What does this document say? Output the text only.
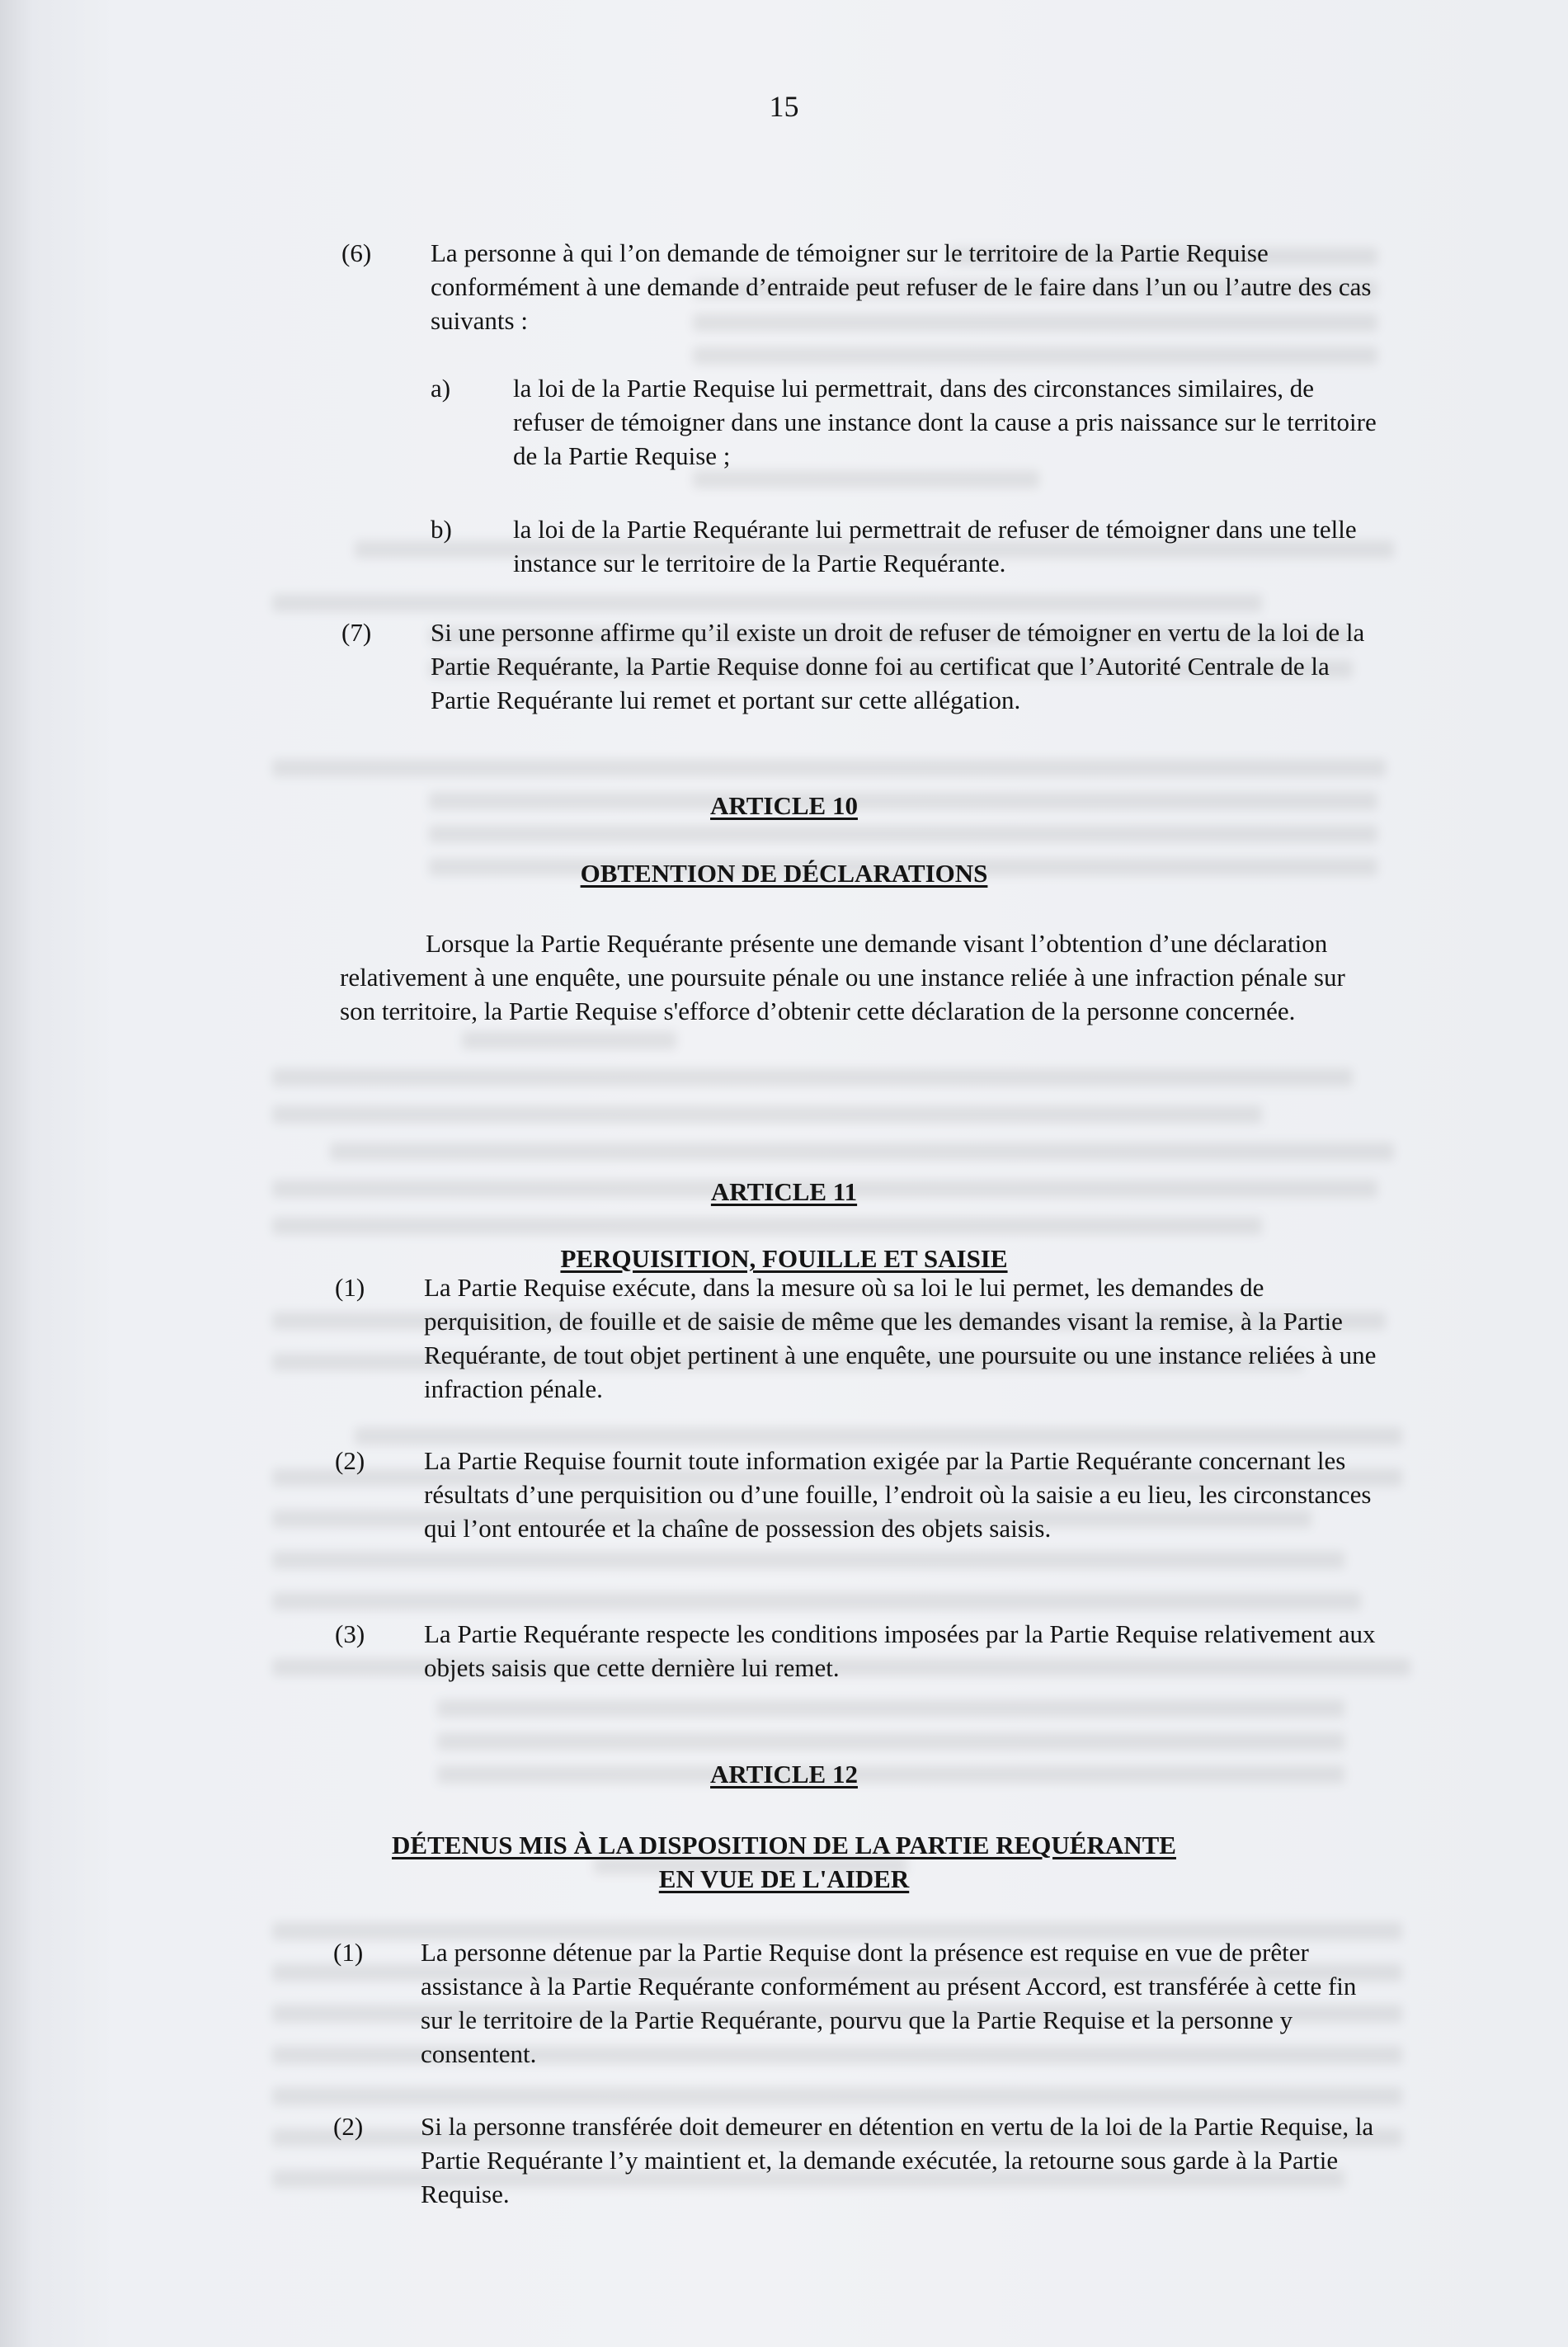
15
(6) La personne à qui l’on demande de témoigner sur le territoire de la Partie Requise conformément à une demande d’entraide peut refuser de le faire dans l’un ou l’autre des cas suivants :
a) la loi de la Partie Requise lui permettrait, dans des circonstances similaires, de refuser de témoigner dans une instance dont la cause a pris naissance sur le territoire de la Partie Requise ;
b) la loi de la Partie Requérante lui permettrait de refuser de témoigner dans une telle instance sur le territoire de la Partie Requérante.
(7) Si une personne affirme qu’il existe un droit de refuser de témoigner en vertu de la loi de la Partie Requérante, la Partie Requise donne foi au certificat que l’Autorité Centrale de la Partie Requérante lui remet et portant sur cette allégation.
ARTICLE 10
OBTENTION DE DÉCLARATIONS
Lorsque la Partie Requérante présente une demande visant l’obtention d’une déclaration relativement à une enquête, une poursuite pénale ou une instance reliée à une infraction pénale sur son territoire, la Partie Requise s'efforce d’obtenir cette déclaration de la personne concernée.
ARTICLE 11
PERQUISITION, FOUILLE ET SAISIE
(1) La Partie Requise exécute, dans la mesure où sa loi le lui permet, les demandes de perquisition, de fouille et de saisie de même que les demandes visant la remise, à la Partie Requérante, de tout objet pertinent à une enquête, une poursuite ou une instance reliées à une infraction pénale.
(2) La Partie Requise fournit toute information exigée par la Partie Requérante concernant les résultats d’une perquisition ou d’une fouille, l’endroit où la saisie a eu lieu, les circonstances qui l’ont entourée et la chaîne de possession des objets saisis.
(3) La Partie Requérante respecte les conditions imposées par la Partie Requise relativement aux objets saisis que cette dernière lui remet.
ARTICLE 12
DÉTENUS MIS À LA DISPOSITION DE LA PARTIE REQUÉRANTE
EN VUE DE L'AIDER
(1) La personne détenue par la Partie Requise dont la présence est requise en vue de prêter assistance à la Partie Requérante conformément au présent Accord, est transférée à cette fin sur le territoire de la Partie Requérante, pourvu que la Partie Requise et la personne y consentent.
(2) Si la personne transférée doit demeurer en détention en vertu de la loi de la Partie Requise, la Partie Requérante l’y maintient et, la demande exécutée, la retourne sous garde à la Partie Requise.
